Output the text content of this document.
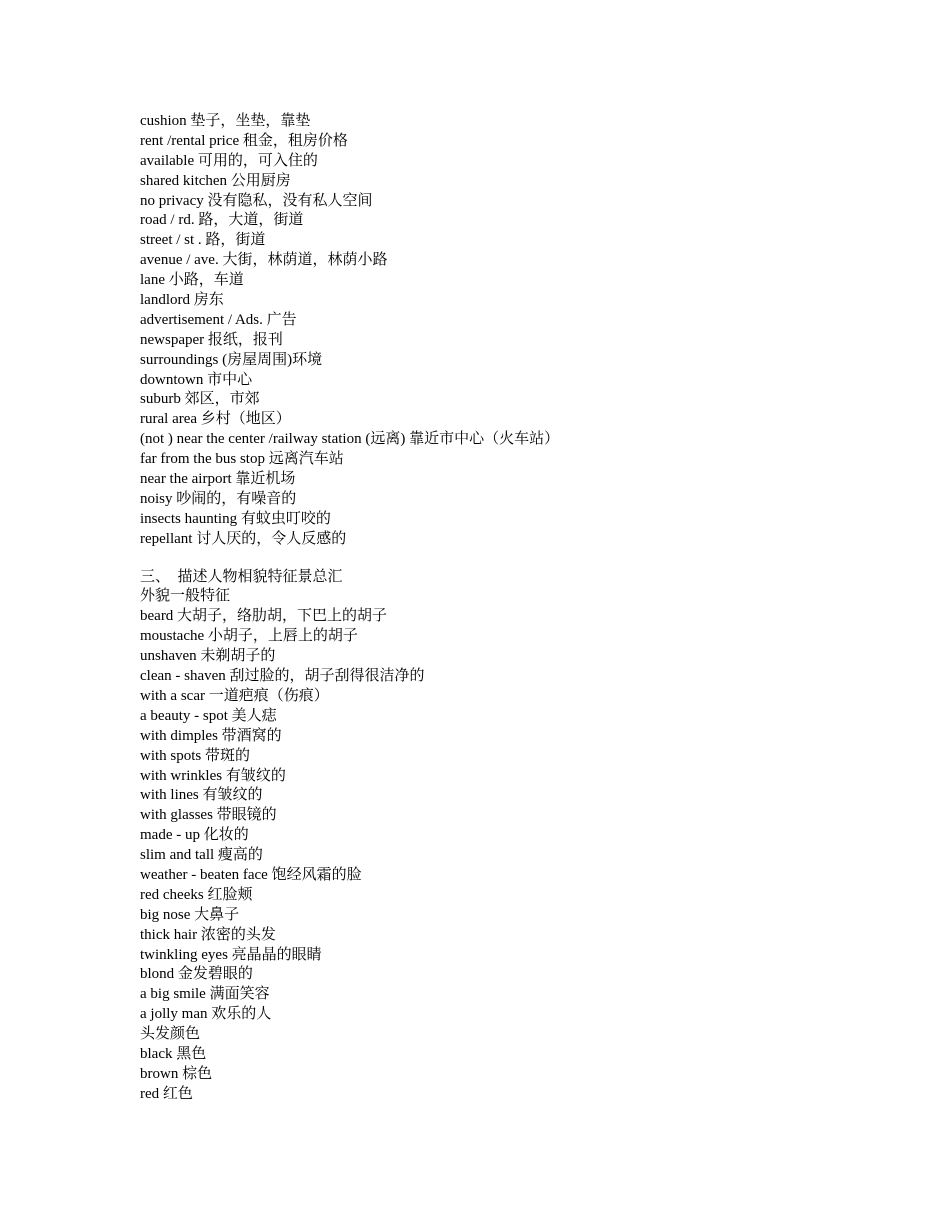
cushion 垫子，坐垫，靠垫
rent /rental price 租金，租房价格
available 可用的，可入住的
shared kitchen 公用厨房
no privacy 没有隐私，没有私人空间
road / rd. 路，大道，街道
street / st . 路，街道
avenue / ave. 大街，林荫道，林荫小路
lane 小路，车道
landlord 房东
advertisement / Ads. 广告
newspaper 报纸，报刊
surroundings (房屋周围)环境
downtown 市中心
suburb 郊区，市郊
rural area 乡村（地区）
(not ) near the center /railway station (远离) 靠近市中心（火车站）
far from the bus stop 远离汽车站
near the airport 靠近机场
noisy 吵闹的，有噪音的
insects haunting 有蚊虫叮咬的
repellant 讨人厌的，令人反感的
三、  描述人物相貌特征景总汇
外貌一般特征
beard 大胡子，络肋胡，下巴上的胡子
moustache 小胡子，上唇上的胡子
unshaven 未剃胡子的
clean - shaven 刮过脸的，胡子刮得很洁净的
with a scar 一道疤痕（伤痕）
a beauty - spot 美人痣
with dimples 带酒窝的
with spots 带斑的
with wrinkles 有皱纹的
with lines 有皱纹的
with glasses 带眼镜的
made - up 化妆的
slim and tall 瘦高的
weather - beaten face 饱经风霜的脸
red cheeks 红脸颊
big nose 大鼻子
thick hair 浓密的头发
twinkling eyes 亮晶晶的眼睛
blond 金发碧眼的
a big smile 满面笑容
a jolly man 欢乐的人
头发颜色
black 黑色
brown 棕色
red 红色
